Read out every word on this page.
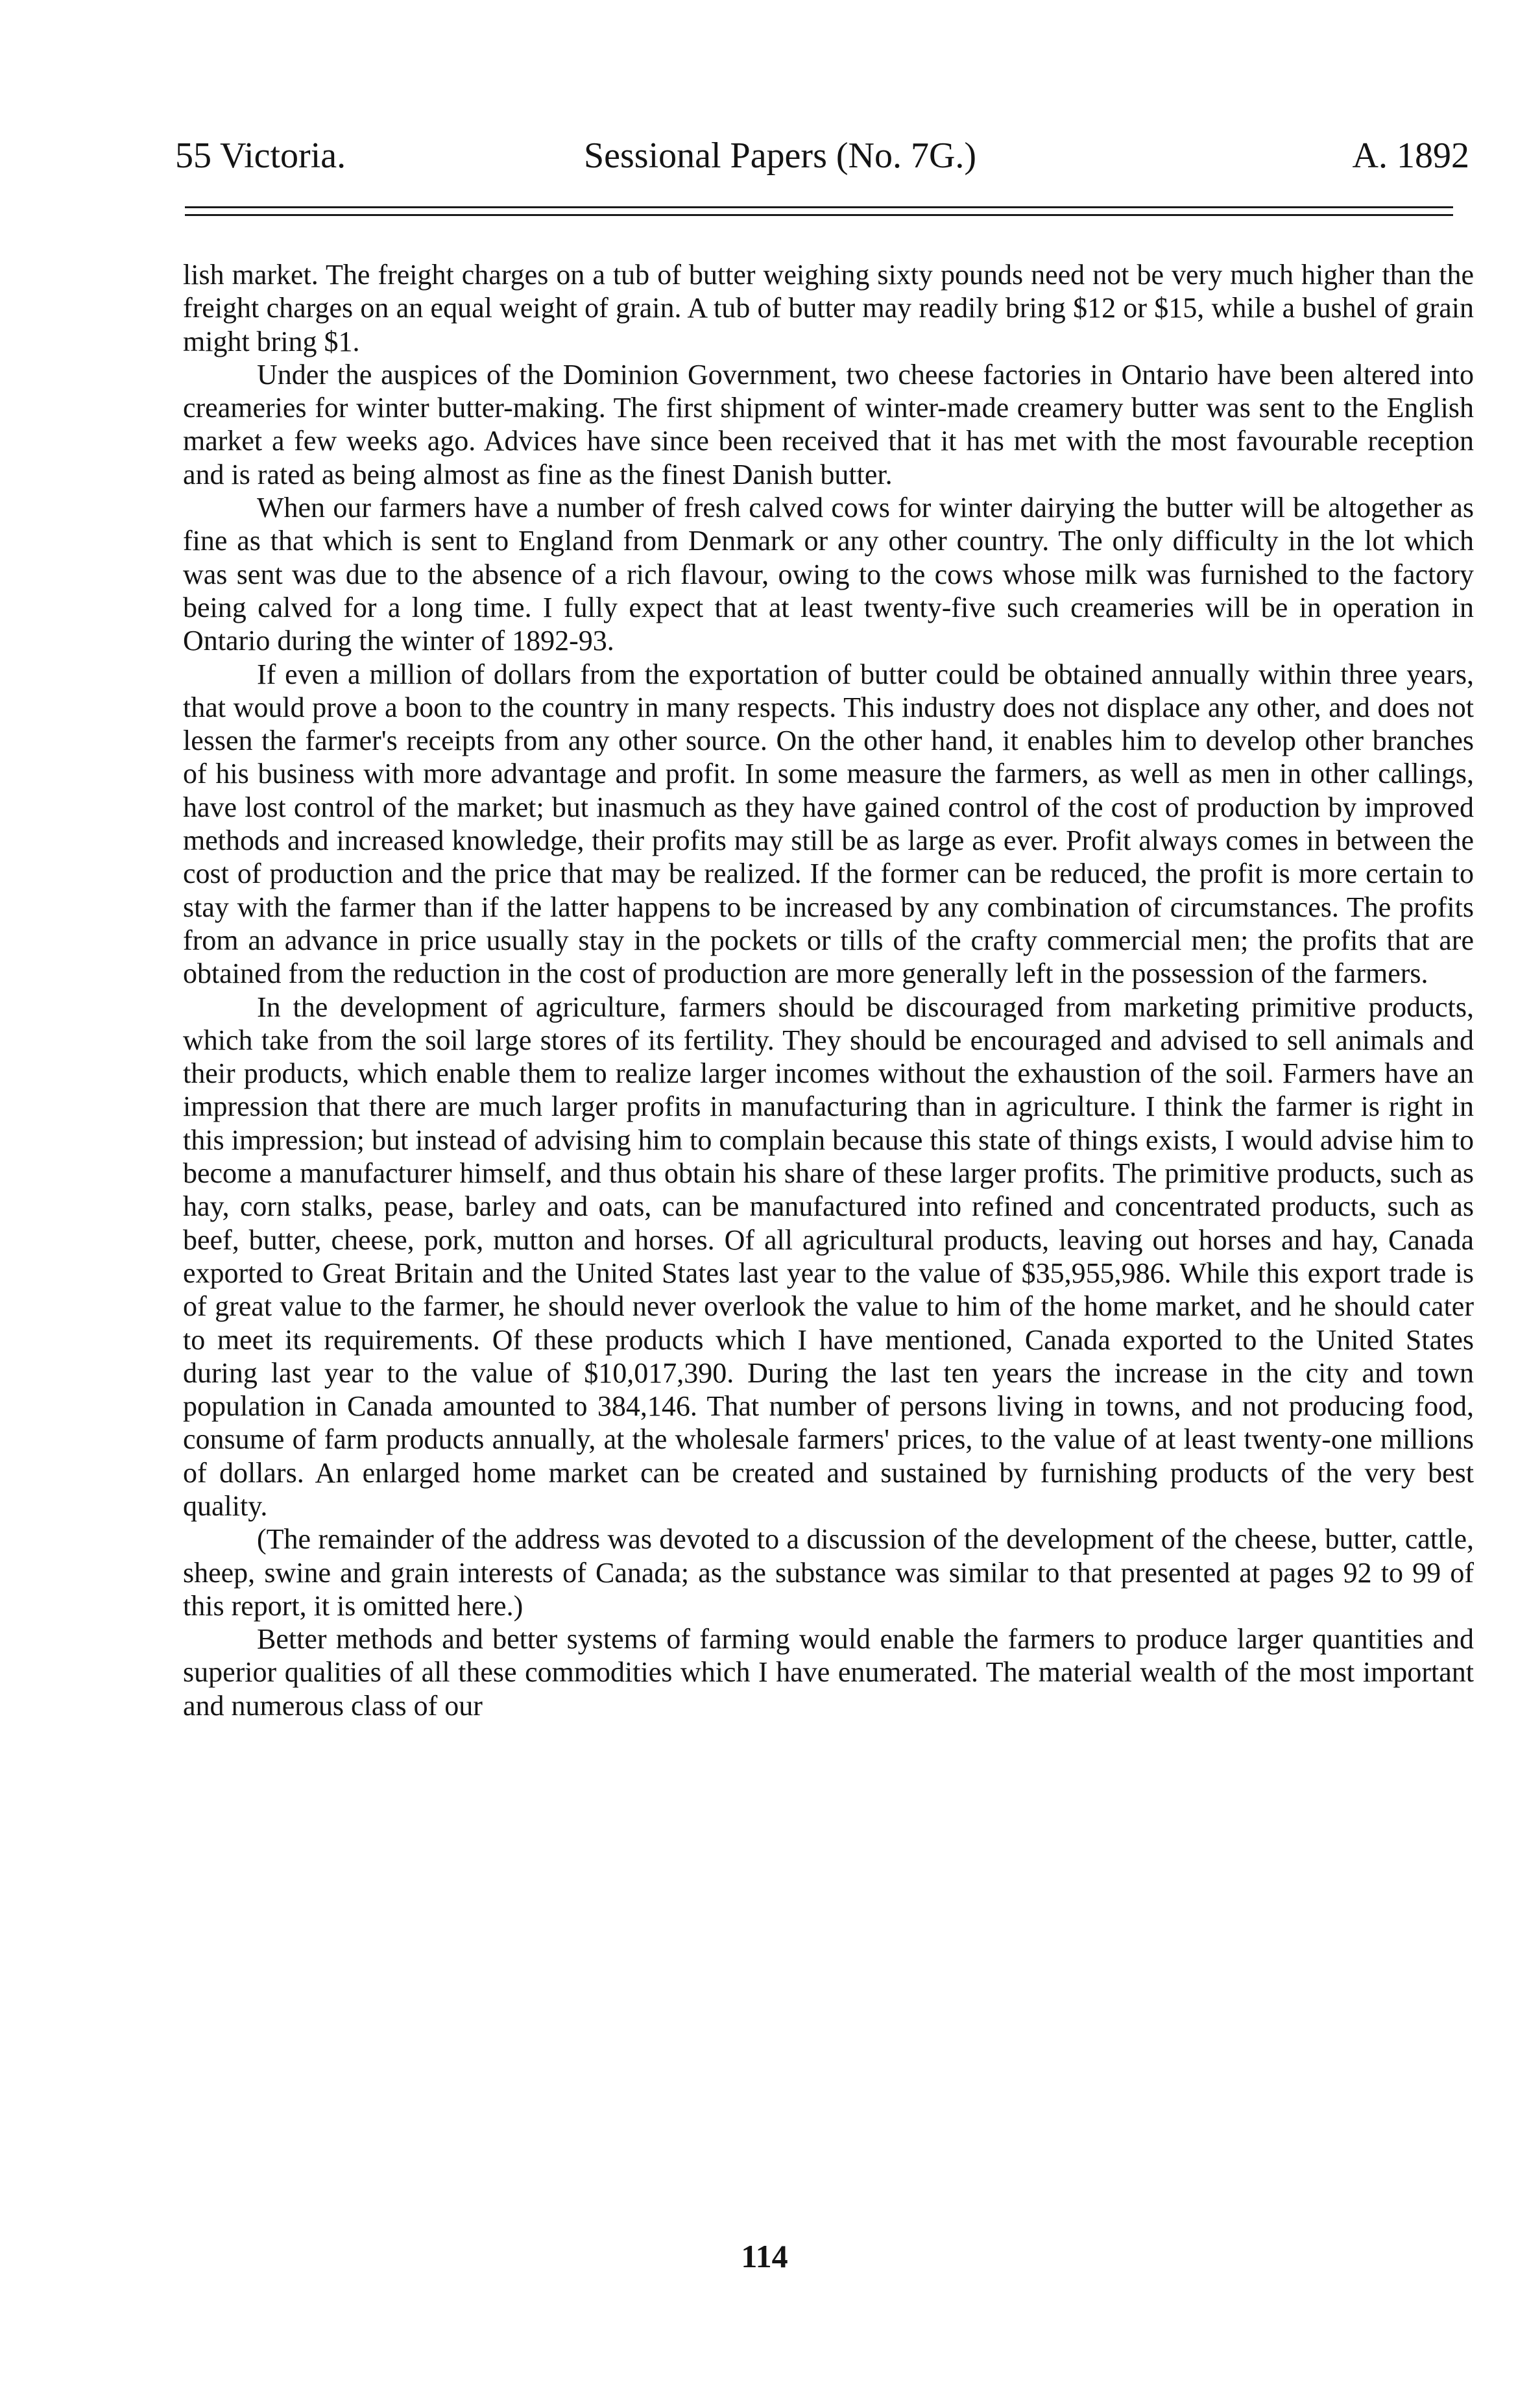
55 Victoria.	Sessional Papers (No. 7G.)	A. 1892

lish market. The freight charges on a tub of butter weighing sixty pounds need not be very much higher than the freight charges on an equal weight of grain. A tub of butter may readily bring $12 or $15, while a bushel of grain might bring $1.

Under the auspices of the Dominion Government, two cheese factories in Ontario have been altered into creameries for winter butter-making. The first shipment of winter-made creamery butter was sent to the English market a few weeks ago. Advices have since been received that it has met with the most favourable reception and is rated as being almost as fine as the finest Danish butter.

When our farmers have a number of fresh calved cows for winter dairying the butter will be altogether as fine as that which is sent to England from Denmark or any other country. The only difficulty in the lot which was sent was due to the absence of a rich flavour, owing to the cows whose milk was furnished to the factory being calved for a long time. I fully expect that at least twenty-five such creameries will be in operation in Ontario during the winter of 1892-93.

If even a million of dollars from the exportation of butter could be obtained annually within three years, that would prove a boon to the country in many respects. This industry does not displace any other, and does not lessen the farmer's receipts from any other source. On the other hand, it enables him to develop other branches of his business with more advantage and profit. In some measure the farmers, as well as men in other callings, have lost control of the market; but inasmuch as they have gained control of the cost of production by improved methods and increased knowledge, their profits may still be as large as ever. Profit always comes in between the cost of production and the price that may be realized. If the former can be reduced, the profit is more certain to stay with the farmer than if the latter happens to be increased by any combination of circumstances. The profits from an advance in price usually stay in the pockets or tills of the crafty commercial men; the profits that are obtained from the reduction in the cost of production are more generally left in the possession of the farmers.

In the development of agriculture, farmers should be discouraged from marketing primitive products, which take from the soil large stores of its fertility. They should be encouraged and advised to sell animals and their products, which enable them to realize larger incomes without the exhaustion of the soil. Farmers have an impression that there are much larger profits in manufacturing than in agriculture. I think the farmer is right in this impression; but instead of advising him to complain because this state of things exists, I would advise him to become a manufacturer himself, and thus obtain his share of these larger profits. The primitive products, such as hay, corn stalks, pease, barley and oats, can be manufactured into refined and concentrated products, such as beef, butter, cheese, pork, mutton and horses. Of all agricultural products, leaving out horses and hay, Canada exported to Great Britain and the United States last year to the value of $35,955,986. While this export trade is of great value to the farmer, he should never overlook the value to him of the home market, and he should cater to meet its requirements. Of these products which I have mentioned, Canada exported to the United States during last year to the value of $10,017,390. During the last ten years the increase in the city and town population in Canada amounted to 384,146. That number of persons living in towns, and not producing food, consume of farm products annually, at the wholesale farmers' prices, to the value of at least twenty-one millions of dollars. An enlarged home market can be created and sustained by furnishing products of the very best quality.

(The remainder of the address was devoted to a discussion of the development of the cheese, butter, cattle, sheep, swine and grain interests of Canada; as the substance was similar to that presented at pages 92 to 99 of this report, it is omitted here.)

Better methods and better systems of farming would enable the farmers to produce larger quantities and superior qualities of all these commodities which I have enumerated. The material wealth of the most important and numerous class of our

114
